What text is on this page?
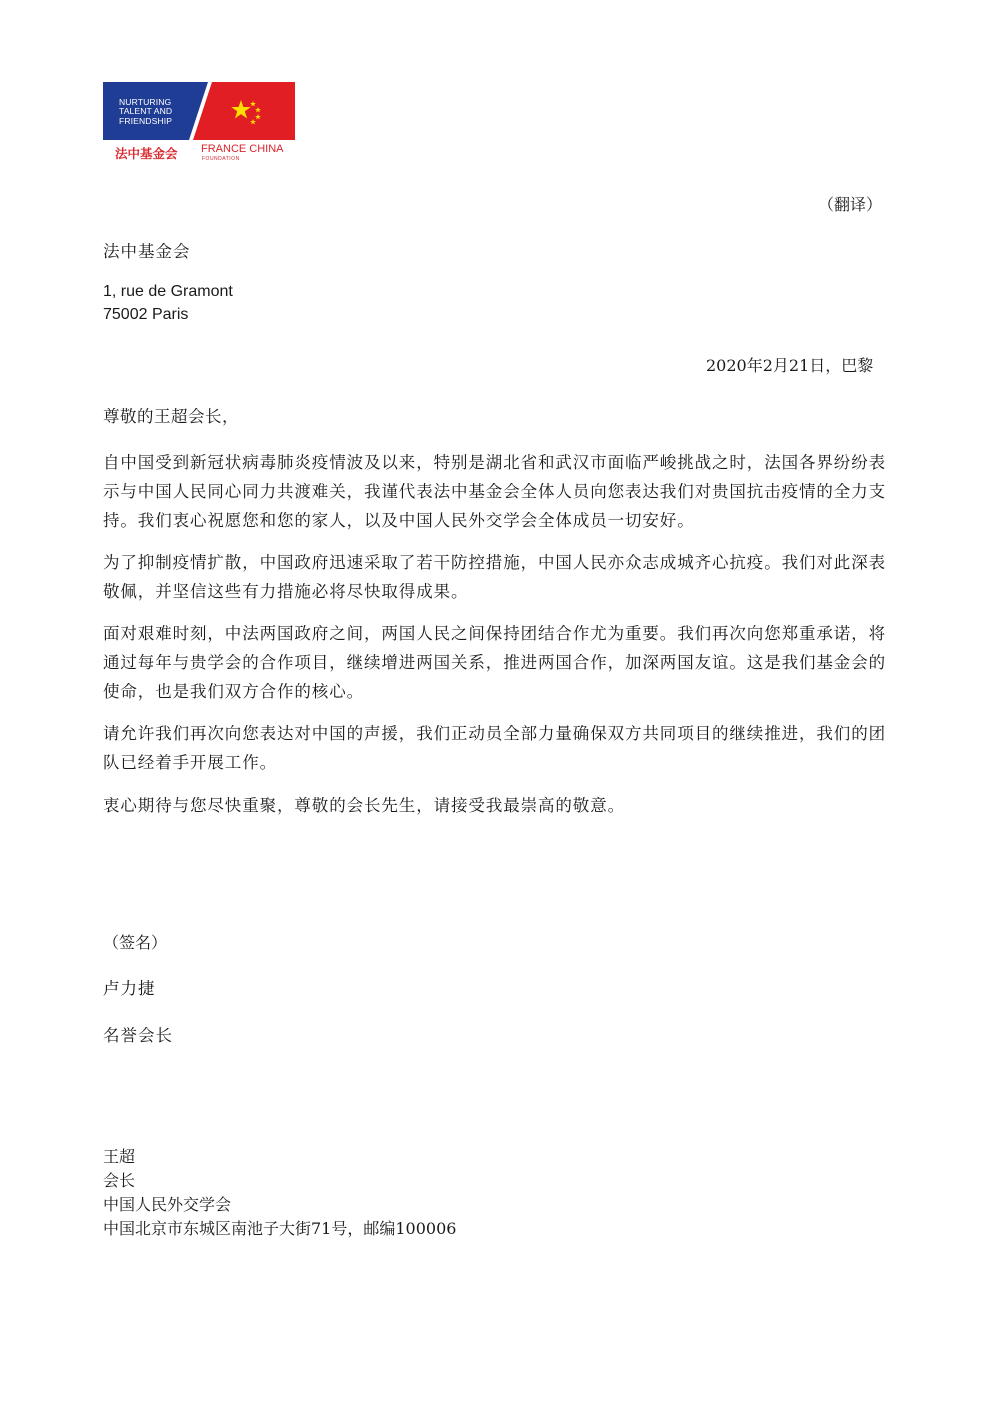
NURTURING TALENT AND FRIENDSHIP
法中基金会 FRANCE CHINA
FOUNDATION
（翻译）
法中基金会
1, rue de Gramont
75002 Paris
2020年2月21日，巴黎
尊敬的王超会长，

自中国受到新冠状病毒肺炎疫情波及以来，特别是湖北省和武汉市面临严峻挑战之时，法国各界纷纷表示与中国人民同心同力共渡难关，我谨代表法中基金会全体人员向您表达我们对贵国抗击疫情的全力支持。我们衷心祝愿您和您的家人，以及中国人民外交学会全体成员一切安好。

为了抑制疫情扩散，中国政府迅速采取了若干防控措施，中国人民亦众志成城齐心抗疫。我们对此深表敬佩，并坚信这些有力措施必将尽快取得成果。

面对艰难时刻，中法两国政府之间，两国人民之间保持团结合作尤为重要。我们再次向您郑重承诺，将通过每年与贵学会的合作项目，继续增进两国关系，推进两国合作，加深两国友谊。这是我们基金会的使命，也是我们双方合作的核心。

请允许我们再次向您表达对中国的声援，我们正动员全部力量确保双方共同项目的继续推进，我们的团队已经着手开展工作。

衷心期待与您尽快重聚，尊敬的会长先生，请接受我最崇高的敬意。

（签名）
卢力捷
名誉会长
王超
会长
中国人民外交学会
中国北京市东城区南池子大街71号，邮编100006
